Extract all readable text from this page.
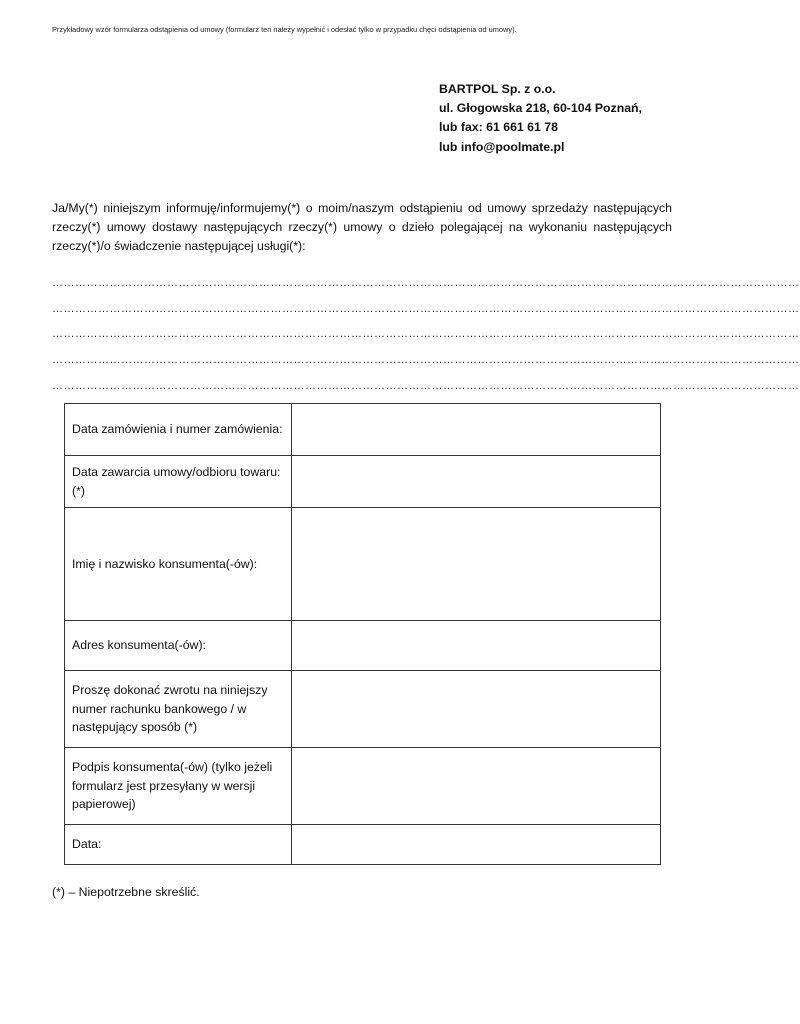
Przykładowy wzór formularza odstąpienia od umowy (formularz ten należy wypełnić i odesłać tylko w przypadku chęci odstąpienia od umowy).
BARTPOL Sp. z o.o.
ul. Głogowska 218, 60-104 Poznań,
lub fax: 61 661 61 78
lub info@poolmate.pl
Ja/My(*) niniejszym informuję/informujemy(*) o moim/naszym odstąpieniu od umowy sprzedaży następujących rzeczy(*) umowy dostawy następujących rzeczy(*) umowy o dzieło polegającej na wykonaniu następujących rzeczy(*)/o świadczenie następującej usługi(*):
……………………………………………………………………………………………………………………………………………………………………………
……………………………………………………………………………………………………………………………………………………………………………
……………………………………………………………………………………………………………………………………………………………………………
……………………………………………………………………………………………………………………………………………………………………………
……………………………………………………………………………………………………………………………………………………………………………
Data zamówienia i numer zamówienia:	
Data zawarcia umowy/odbioru towaru: (*)	
Imię i nazwisko konsumenta(-ów):	
Adres konsumenta(-ów):	
Proszę dokonać zwrotu na niniejszy numer rachunku bankowego / w następujący sposób (*)	
Podpis konsumenta(-ów) (tylko jeżeli formularz jest przesyłany w wersji papierowej)	
Data:	
(*) – Niepotrzebne skreślić.
